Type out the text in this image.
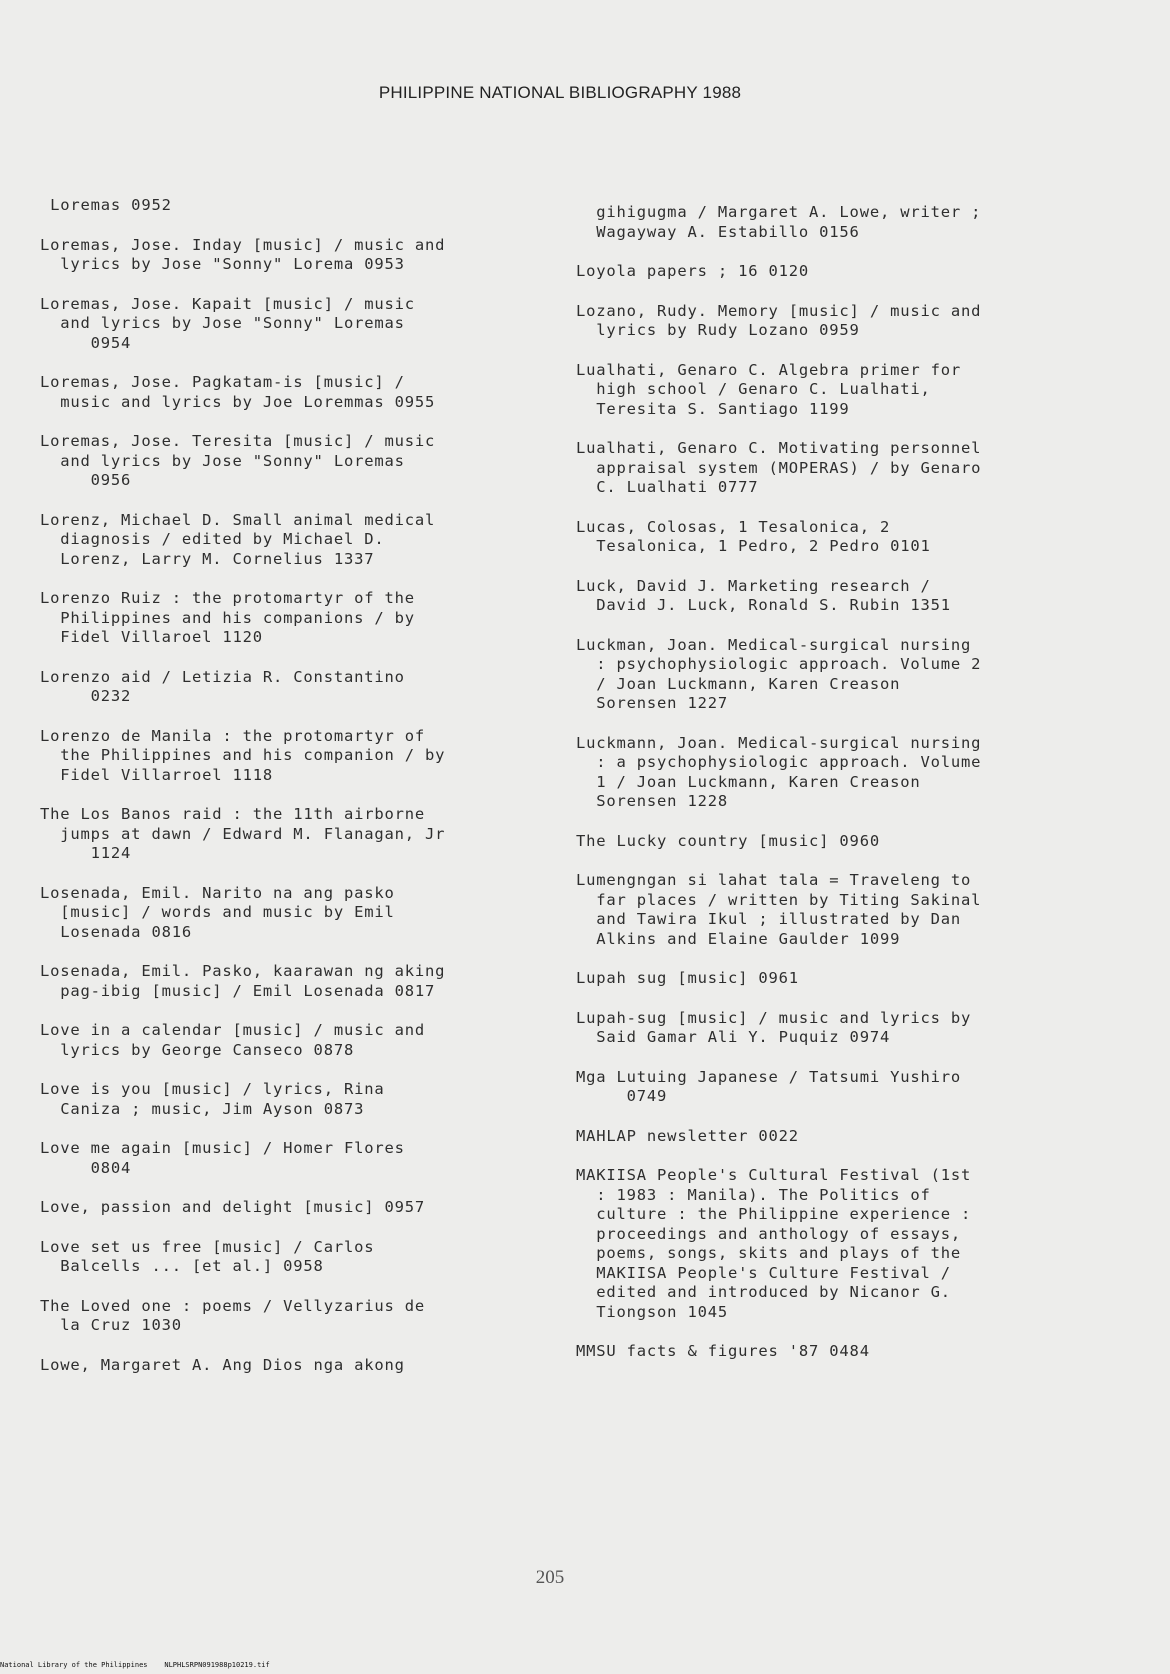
PHILIPPINE NATIONAL BIBLIOGRAPHY 1988
Loremas 0952
Loremas, Jose. Inday [music] / music and
lyrics by Jose "Sonny" Lorema 0953
Loremas, Jose. Kapait [music] / music
and lyrics by Jose "Sonny" Loremas
0954
Loremas, Jose. Pagkatam-is [music] /
music and lyrics by Joe Loremmas 0955
Loremas, Jose. Teresita [music] / music
and lyrics by Jose "Sonny" Loremas
0956
Lorenz, Michael D. Small animal medical
diagnosis / edited by Michael D.
Lorenz, Larry M. Cornelius 1337
Lorenzo Ruiz : the protomartyr of the
Philippines and his companions / by
Fidel Villaroel 1120
Lorenzo aid / Letizia R. Constantino
0232
Lorenzo de Manila : the protomartyr of
the Philippines and his companion / by
Fidel Villarroel 1118
The Los Banos raid : the 11th airborne
jumps at dawn / Edward M. Flanagan, Jr
1124
Losenada, Emil. Narito na ang pasko
[music] / words and music by Emil
Losenada 0816
Losenada, Emil. Pasko, kaarawan ng aking
pag-ibig [music] / Emil Losenada 0817
Love in a calendar [music] / music and
lyrics by George Canseco 0878
Love is you [music] / lyrics, Rina
Caniza ; music, Jim Ayson 0873
Love me again [music] / Homer Flores
0804
Love, passion and delight [music] 0957
Love set us free [music] / Carlos
Balcells ... [et al.] 0958
The Loved one : poems / Vellyzarius de
la Cruz 1030
Lowe, Margaret A. Ang Dios nga akong
gihigugma / Margaret A. Lowe, writer ;
Wagayway A. Estabillo 0156
Loyola papers ; 16 0120
Lozano, Rudy. Memory [music] / music and
lyrics by Rudy Lozano 0959
Lualhati, Genaro C. Algebra primer for
high school / Genaro C. Lualhati,
Teresita S. Santiago 1199
Lualhati, Genaro C. Motivating personnel
appraisal system (MOPERAS) / by Genaro
C. Lualhati 0777
Lucas, Colosas, 1 Tesalonica, 2
Tesalonica, 1 Pedro, 2 Pedro 0101
Luck, David J. Marketing research /
David J. Luck, Ronald S. Rubin 1351
Luckman, Joan. Medical-surgical nursing
: psychophysiologic approach. Volume 2
/ Joan Luckmann, Karen Creason
Sorensen 1227
Luckmann, Joan. Medical-surgical nursing
: a psychophysiologic approach. Volume
1 / Joan Luckmann, Karen Creason
Sorensen 1228
The Lucky country [music] 0960
Lumengngan si lahat tala = Traveleng to
far places / written by Titing Sakinal
and Tawira Ikul ; illustrated by Dan
Alkins and Elaine Gaulder 1099
Lupah sug [music] 0961
Lupah-sug [music] / music and lyrics by
Said Gamar Ali Y. Puquiz 0974
Mga Lutuing Japanese / Tatsumi Yushiro
0749
MAHLAP newsletter 0022
MAKIISA People's Cultural Festival (1st
: 1983 : Manila). The Politics of
culture : the Philippine experience :
proceedings and anthology of essays,
poems, songs, skits and plays of the
MAKIISA People's Culture Festival /
edited and introduced by Nicanor G.
Tiongson 1045
MMSU facts & figures '87 0484
205
National Library of the Philippines    NLPHLSRPN091988p10219.tif
